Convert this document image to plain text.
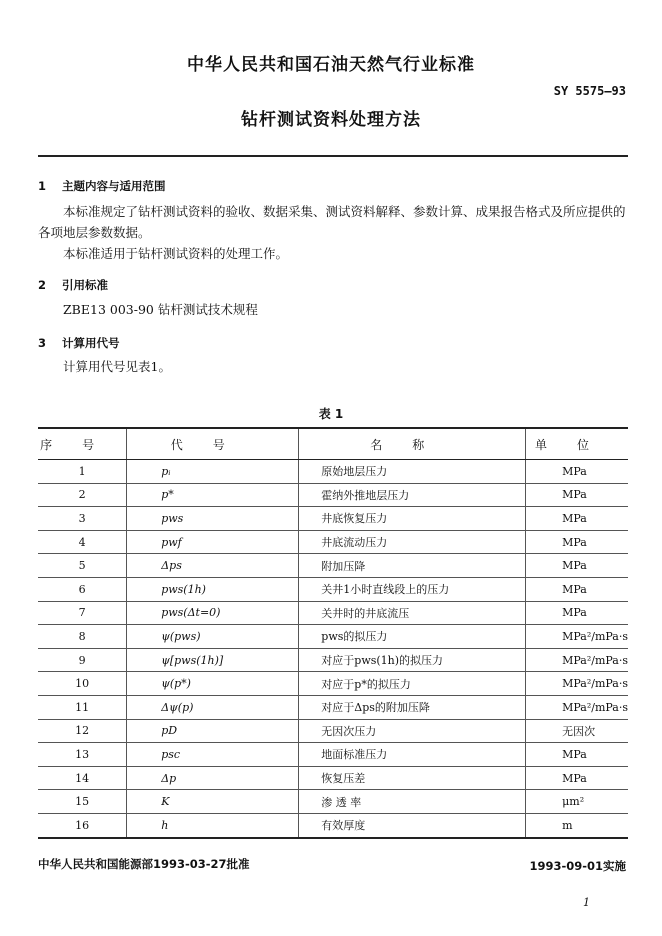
中华人民共和国石油天然气行业标准
SY 5575—93
钻杆测试资料处理方法
1 主题内容与适用范围
本标准规定了钻杆测试资料的验收、数据采集、测试资料解释、参数计算、成果报告格式及所应提供的各项地层参数数据。
本标准适用于钻杆测试资料的处理工作。
2 引用标准
ZBE13 003-90 钻杆测试技术规程
3 计算用代号
计算用代号见表1。
表 1
序号	代号	名称	单位
1	pᵢ	原始地层压力	MPa
2	p*	霍纳外推地层压力	MPa
3	pws	井底恢复压力	MPa
4	pwf	井底流动压力	MPa
5	Δps	附加压降	MPa
6	pws(1h)	关井1小时直线段上的压力	MPa
7	pws(Δt=0)	关井时的井底流压	MPa
8	ψ(pws)	pws的拟压力	MPa²/mPa·s
9	ψ[pws(1h)]	对应于pws(1h)的拟压力	MPa²/mPa·s
10	ψ(p*)	对应于p*的拟压力	MPa²/mPa·s
11	Δψ(p)	对应于Δps的附加压降	MPa²/mPa·s
12	pD	无因次压力	无因次
13	psc	地面标准压力	MPa
14	Δp	恢复压差	MPa
15	K	渗 透 率	μm²
16	h	有效厚度	m
中华人民共和国能源部1993-03-27批准	1993-09-01实施
1
